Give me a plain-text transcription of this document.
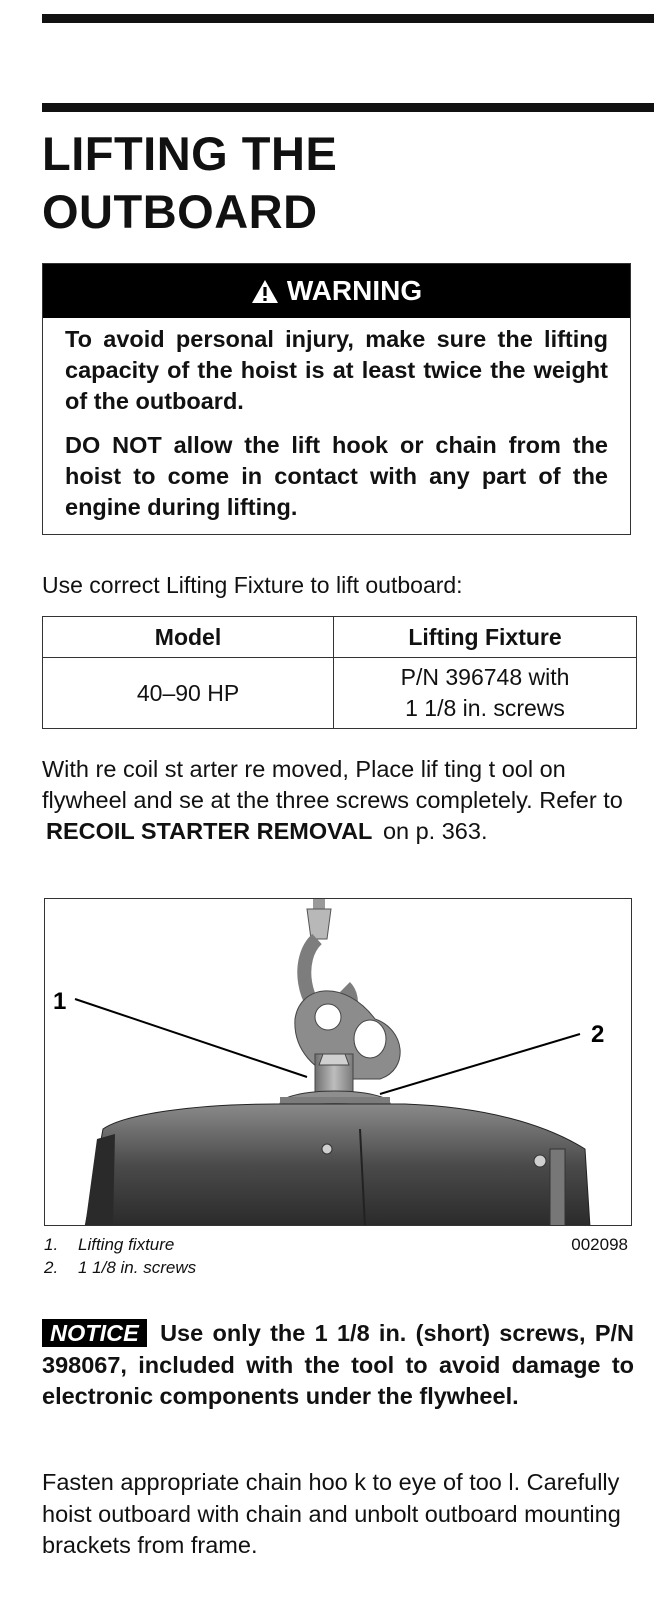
LIFTING THE
OUTBOARD
WARNING

To avoid personal injury, make sure the lifting capacity of the hoist is at least twice the weight of the outboard.

DO NOT allow the lift hook or chain from the hoist to come in contact with any part of the engine during lifting.

Use correct Lifting Fixture to lift outboard:

Model	Lifting Fixture
40–90 HP	P/N 396748 with 1 1/8 in. screws

With re coil st arter re moved, Place lif ting t ool on flywheel and se at the three screws completely. Refer to RECOIL STARTER REMOVAL on p. 363.

1
2
1.	Lifting fixture
2.	1 1/8 in. screws
002098

NOTICE Use only the 1 1/8 in. (short) screws, P/N 398067, included with the tool to avoid damage to electronic components under the flywheel.

Fasten appropriate chain hoo k to eye of too l. Carefully hoist outboard with chain and unbolt outboard mounting brackets from frame.
